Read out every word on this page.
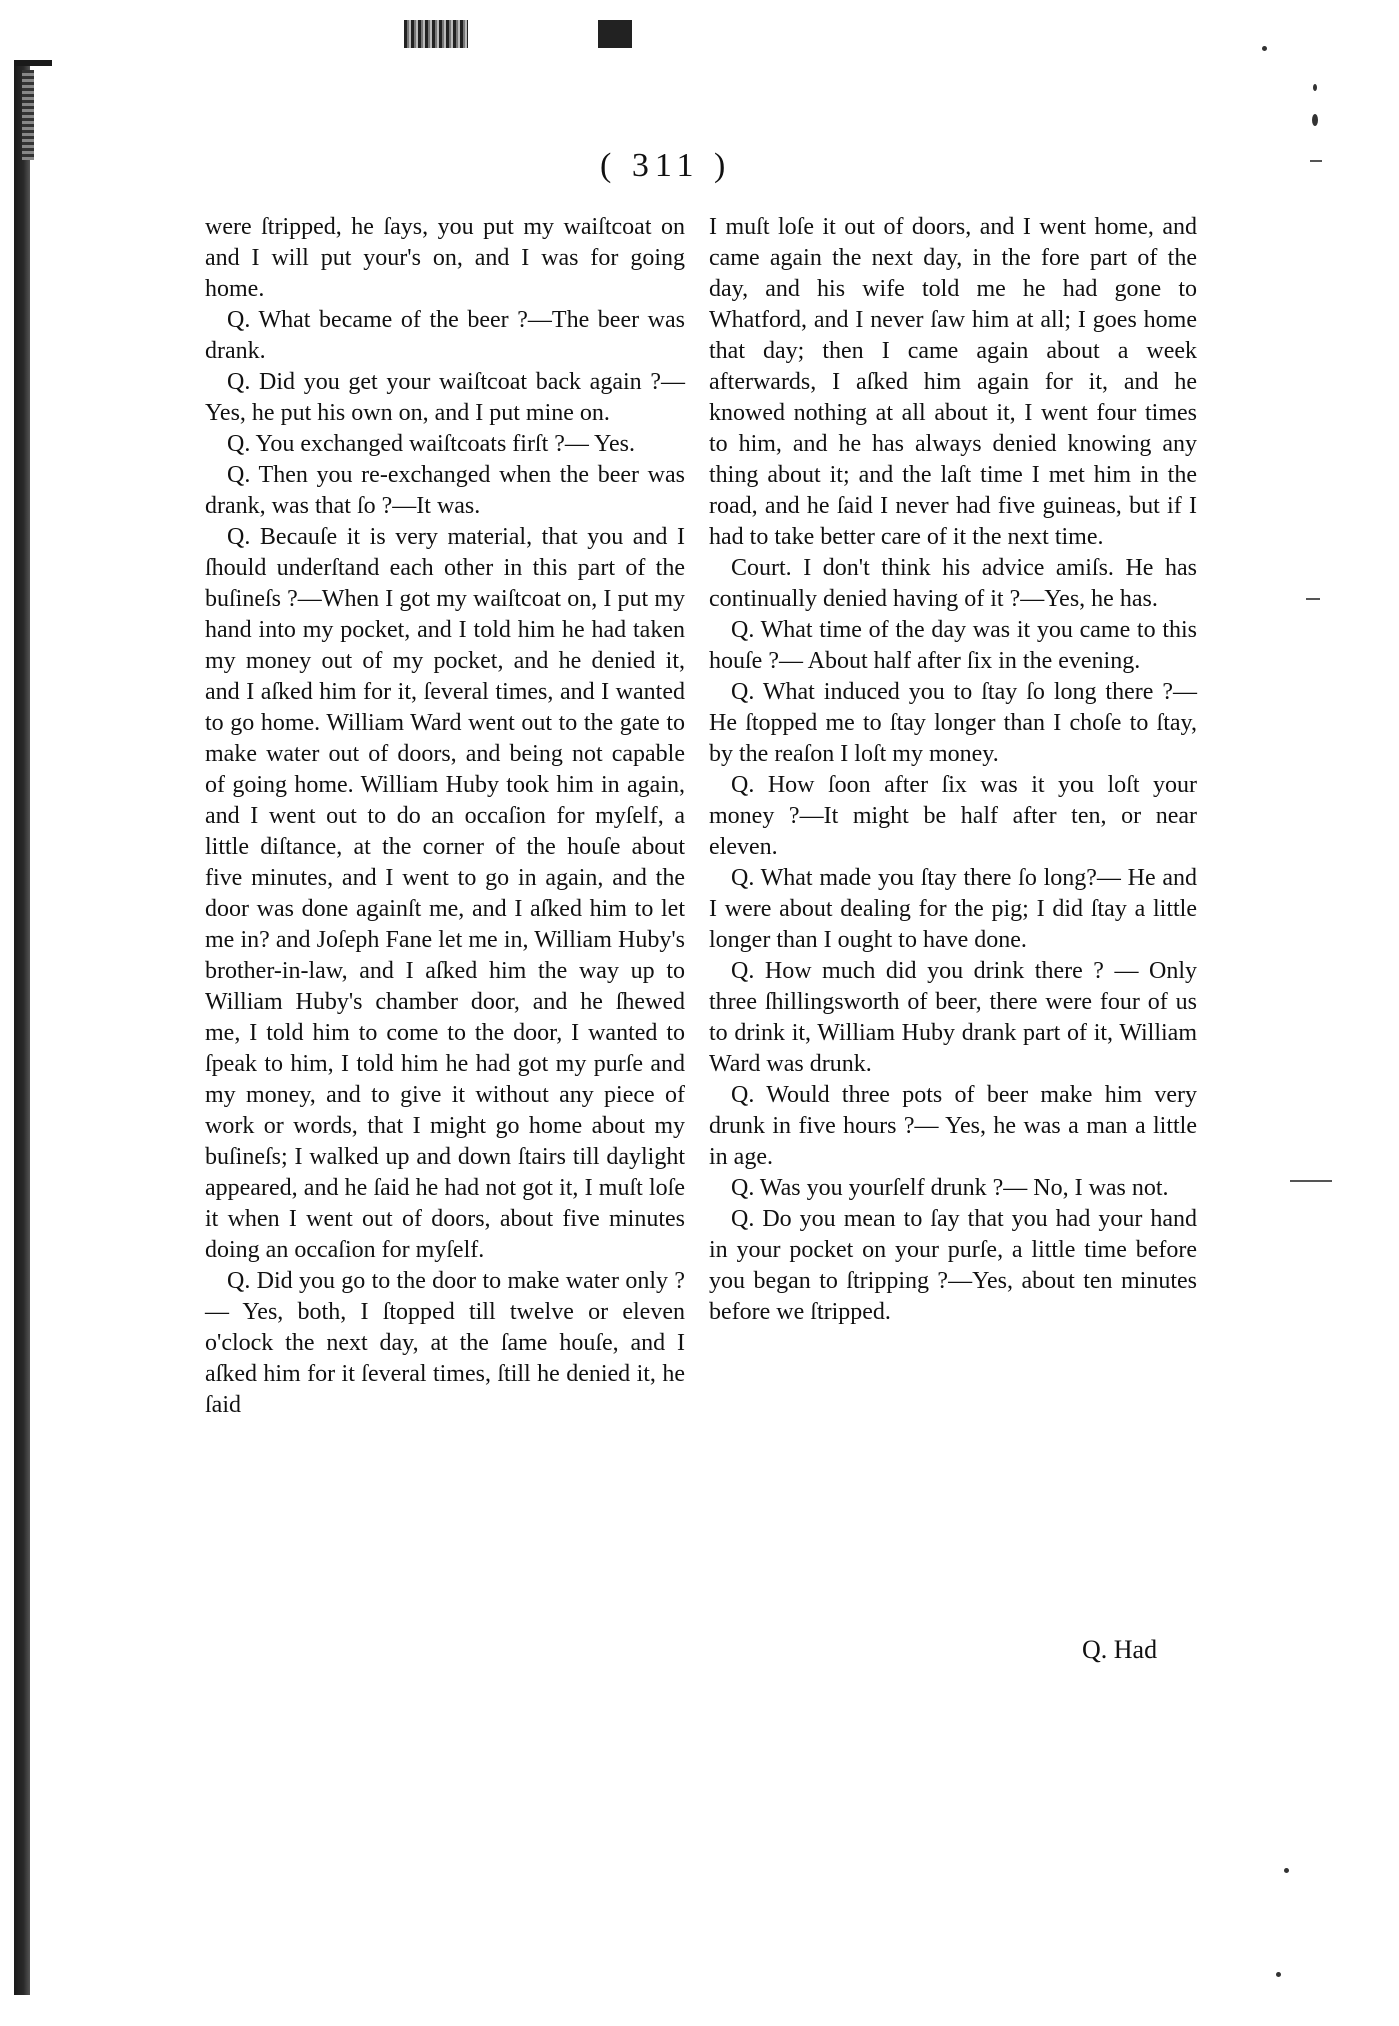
( 311 )

were ſtripped, he ſays, you put my waiſtcoat on and I will put your's on, and I was for going home.

Q. What became of the beer ?—The beer was drank.

Q. Did you get your waiſtcoat back again ?— Yes, he put his own on, and I put mine on.

Q. You exchanged waiſtcoats firſt ?— Yes.

Q. Then you re-exchanged when the beer was drank, was that ſo ?—It was.

Q. Becauſe it is very material, that you and I ſhould underſtand each other in this part of the buſineſs ?—When I got my waiſtcoat on, I put my hand into my pocket, and I told him he had taken my money out of my pocket, and he denied it, and I aſked him for it, ſeveral times, and I wanted to go home. William Ward went out to the gate to make water out of doors, and being not capable of going home. William Huby took him in again, and I went out to do an occaſion for myſelf, a little diſtance, at the corner of the houſe about five minutes, and I went to go in again, and the door was done againſt me, and I aſked him to let me in? and Joſeph Fane let me in, William Huby's brother-in-law, and I aſked him the way up to William Huby's chamber door, and he ſhewed me, I told him to come to the door, I wanted to ſpeak to him, I told him he had got my purſe and my money, and to give it without any piece of work or words, that I might go home about my buſineſs; I walked up and down ſtairs till daylight appeared, and he ſaid he had not got it, I muſt loſe it when I went out of doors, about five minutes doing an occaſion for myſelf.

Q. Did you go to the door to make water only ?— Yes, both, I ſtopped till twelve or eleven o'clock the next day, at the ſame houſe, and I aſked him for it ſeveral times, ſtill he denied it, he ſaid

I muſt loſe it out of doors, and I went home, and came again the next day, in the fore part of the day, and his wife told me he had gone to Whatford, and I never ſaw him at all; I goes home that day; then I came again about a week afterwards, I aſked him again for it, and he knowed nothing at all about it, I went four times to him, and he has always denied knowing any thing about it; and the laſt time I met him in the road, and he ſaid I never had five guineas, but if I had to take better care of it the next time.

Court. I don't think his advice amiſs. He has continually denied having of it ?—Yes, he has.

Q. What time of the day was it you came to this houſe ?— About half after ſix in the evening.

Q. What induced you to ſtay ſo long there ?— He ſtopped me to ſtay longer than I choſe to ſtay, by the reaſon I loſt my money.

Q. How ſoon after ſix was it you loſt your money ?—It might be half after ten, or near eleven.

Q. What made you ſtay there ſo long?— He and I were about dealing for the pig; I did ſtay a little longer than I ought to have done.

Q. How much did you drink there ? — Only three ſhillingsworth of beer, there were four of us to drink it, William Huby drank part of it, William Ward was drunk.

Q. Would three pots of beer make him very drunk in five hours ?— Yes, he was a man a little in age.

Q. Was you yourſelf drunk ?— No, I was not.

Q. Do you mean to ſay that you had your hand in your pocket on your purſe, a little time before you began to ſtripping ?—Yes, about ten minutes before we ſtripped.

Q. Had
